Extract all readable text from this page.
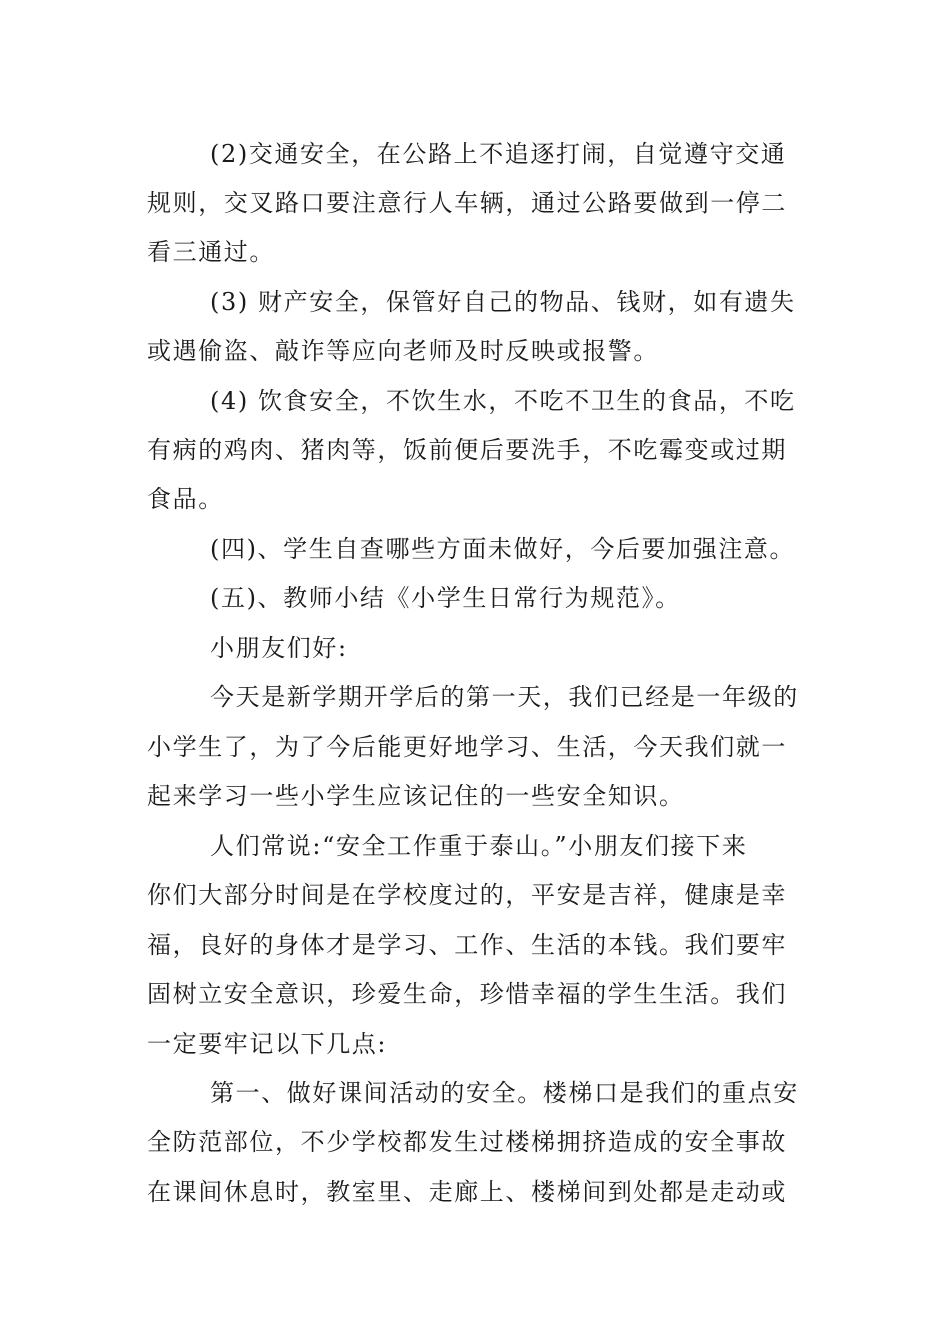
(2)交通安全，在公路上不追逐打闹，自觉遵守交通
规则，交叉路口要注意行人车辆，通过公路要做到一停二
看三通过。
(3) 财产安全，保管好自己的物品、钱财，如有遗失
或遇偷盗、敲诈等应向老师及时反映或报警。
(4) 饮食安全，不饮生水，不吃不卫生的食品，不吃
有病的鸡肉、猪肉等，饭前便后要洗手，不吃霉变或过期
食品。
(四)、学生自查哪些方面未做好，今后要加强注意。
(五)、教师小结《小学生日常行为规范》。
小朋友们好:
今天是新学期开学后的第一天，我们已经是一年级的
小学生了，为了今后能更好地学习、生活，今天我们就一
起来学习一些小学生应该记住的一些安全知识。
人们常说:“安全工作重于泰山。”小朋友们接下来
你们大部分时间是在学校度过的，平安是吉祥，健康是幸
福，良好的身体才是学习、工作、生活的本钱。我们要牢
固树立安全意识，珍爱生命，珍惜幸福的学生生活。我们
一定要牢记以下几点:
第一、做好课间活动的安全。楼梯口是我们的重点安
全防范部位，不少学校都发生过楼梯拥挤造成的安全事故
在课间休息时，教室里、走廊上、楼梯间到处都是走动或
